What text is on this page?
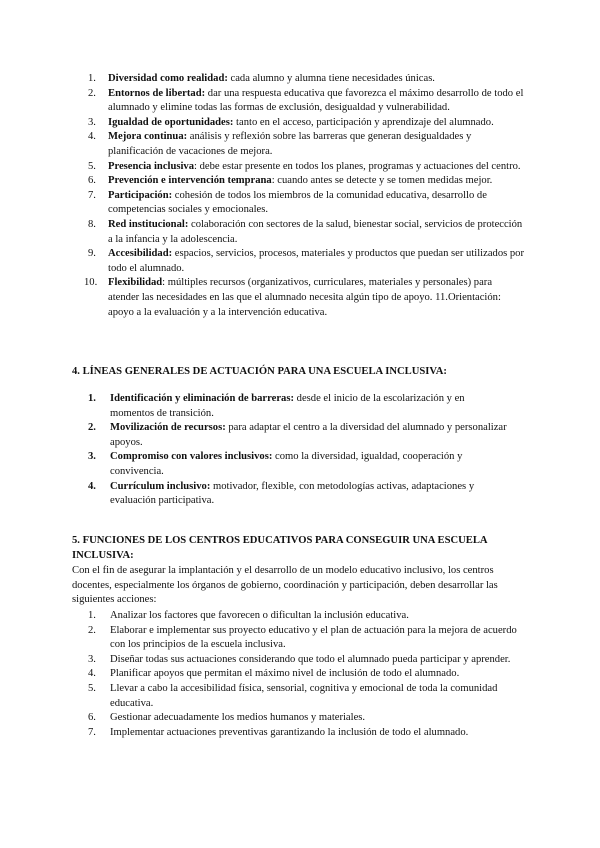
1.	Diversidad como realidad: cada alumno y alumna tiene necesidades únicas.
2.	Entornos de libertad: dar una respuesta educativa que favorezca el máximo desarrollo de todo el alumnado y elimine todas las formas de exclusión, desigualdad y vulnerabilidad.
3.	Igualdad de oportunidades: tanto en el acceso, participación y aprendizaje del alumnado.
4.	Mejora continua: análisis y reflexión sobre las barreras que generan desigualdades y planificación de vacaciones de mejora.
5.	Presencia inclusiva: debe estar presente en todos los planes, programas y actuaciones del centro.
6.	Prevención e intervención temprana: cuando antes se detecte y se tomen medidas mejor.
7.	Participación: cohesión de todos los miembros de la comunidad educativa, desarrollo de competencias sociales y emocionales.
8.	Red institucional: colaboración con sectores de la salud, bienestar social, servicios de protección a la infancia y la adolescencia.
9.	Accesibilidad: espacios, servicios, procesos, materiales y productos que puedan ser utilizados por todo el alumnado.
10. Flexibilidad: múltiples recursos (organizativos, curriculares, materiales y personales) para atender las necesidades en las que el alumnado necesita algún tipo de apoyo. 11.Orientación: apoyo a la evaluación y a la intervención educativa.
4. LÍNEAS GENERALES DE ACTUACIÓN PARA UNA ESCUELA INCLUSIVA:
1.	Identificación y eliminación de barreras: desde el inicio de la escolarización y en momentos de transición.
2.	Movilización de recursos: para adaptar el centro a la diversidad del alumnado y personalizar apoyos.
3.	Compromiso con valores inclusivos: como la diversidad, igualdad, cooperación y convivencia.
4.	Currículum inclusivo: motivador, flexible, con metodologías activas, adaptaciones y evaluación participativa.
5. FUNCIONES DE LOS CENTROS EDUCATIVOS PARA CONSEGUIR UNA ESCUELA INCLUSIVA:
Con el fin de asegurar la implantación y el desarrollo de un modelo educativo inclusivo, los centros docentes, especialmente los órganos de gobierno, coordinación y participación, deben desarrollar las siguientes acciones:
1.	Analizar los factores que favorecen o dificultan la inclusión educativa.
2.	Elaborar e implementar sus proyecto educativo y el plan de actuación para la mejora de acuerdo con los principios de la escuela inclusiva.
3.	Diseñar todas sus actuaciones considerando que todo el alumnado pueda participar y aprender.
4.	Planificar apoyos que permitan el máximo nivel de inclusión de todo el alumnado.
5.	Llevar a cabo la accesibilidad física, sensorial, cognitiva y emocional de toda la comunidad educativa.
6.	Gestionar adecuadamente los medios humanos y materiales.
7.	Implementar actuaciones preventivas garantizando la inclusión de todo el alumnado.
